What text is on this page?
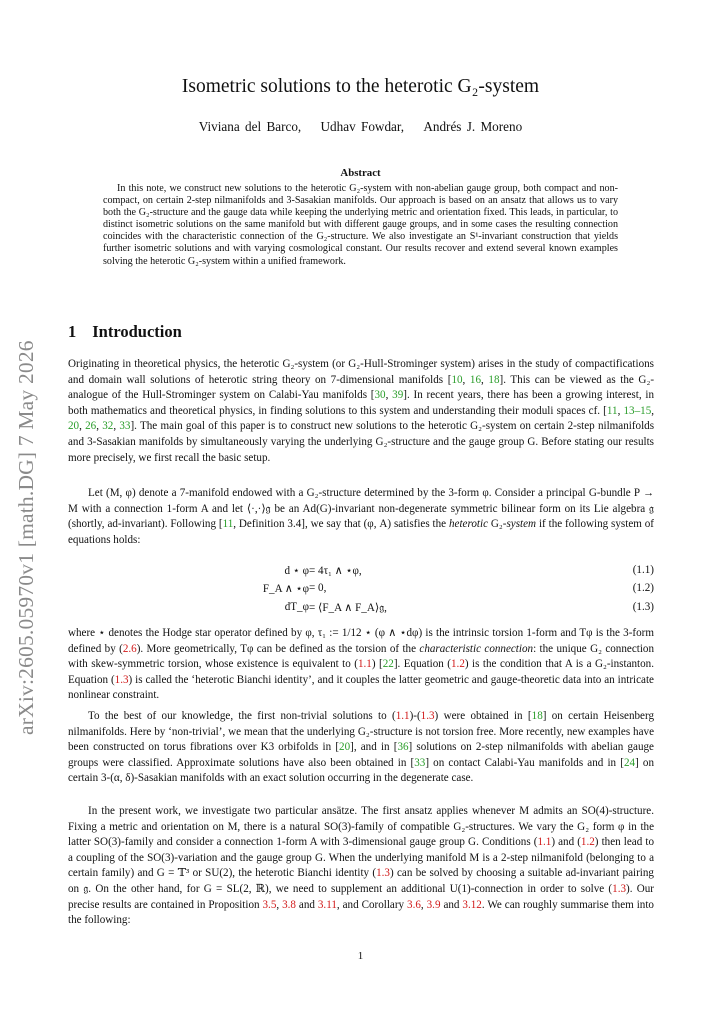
arXiv:2605.05970v1 [math.DG] 7 May 2026
Isometric solutions to the heterotic G₂-system
Viviana del Barco, Udhav Fowdar, Andrés J. Moreno
Abstract
In this note, we construct new solutions to the heterotic G₂-system with non-abelian gauge group, both compact and non-compact, on certain 2-step nilmanifolds and 3-Sasakian manifolds. Our approach is based on an ansatz that allows us to vary both the G₂-structure and the gauge data while keeping the underlying metric and orientation fixed. This leads, in particular, to distinct isometric solutions on the same manifold but with different gauge groups, and in some cases the resulting connection coincides with the characteristic connection of the G₂-structure. We also investigate an S¹-invariant construction that yields further isometric solutions and with varying cosmological constant. Our results recover and extend several known examples solving the heterotic G₂-system within a unified framework.
1 Introduction

Originating in theoretical physics, the heterotic G₂-system (or G₂-Hull-Strominger system) arises in the study of compactifications and domain wall solutions of heterotic string theory on 7-dimensional manifolds [10, 16, 18]. This can be viewed as the G₂-analogue of the Hull-Strominger system on Calabi-Yau manifolds [30, 39]. In recent years, there has been a growing interest, in both mathematics and theoretical physics, in finding solutions to this system and understanding their moduli spaces cf. [11, 13–15, 20, 26, 32, 33]. The main goal of this paper is to construct new solutions to the heterotic G₂-system on certain 2-step nilmanifolds and 3-Sasakian manifolds by simultaneously varying the underlying G₂-structure and the gauge group G. Before stating our results more precisely, we first recall the basic setup.

Let (M, φ) denote a 7-manifold endowed with a G₂-structure determined by the 3-form φ. Consider a principal G-bundle P → M with a connection 1-form A and let ⟨·,·⟩𝔤 be an Ad(G)-invariant non-degenerate symmetric bilinear form on its Lie algebra 𝔤 (shortly, ad-invariant). Following [11, Definition 3.4], we say that (φ, A) satisfies the heterotic G₂-system if the following system of equations holds:

d ⋆ φ = 4τ₁ ∧ ⋆φ,	(1.1)
F_A ∧ ⋆φ = 0,	(1.2)
dT_φ = ⟨F_A ∧ F_A⟩𝔤,	(1.3)

where ⋆ denotes the Hodge star operator defined by φ, τ₁ := 1/12 ⋆ (φ ∧ ⋆dφ) is the intrinsic torsion 1-form and Tφ is the 3-form defined by (2.6). More geometrically, Tφ can be defined as the torsion of the characteristic connection: the unique G₂ connection with skew-symmetric torsion, whose existence is equivalent to (1.1) [22]. Equation (1.2) is the condition that A is a G₂-instanton. Equation (1.3) is called the ‘heterotic Bianchi identity’, and it couples the latter geometric and gauge-theoretic data into an intricate nonlinear constraint.

To the best of our knowledge, the first non-trivial solutions to (1.1)-(1.3) were obtained in [18] on certain Heisenberg nilmanifolds. Here by ‘non-trivial’, we mean that the underlying G₂-structure is not torsion free. More recently, new examples have been constructed on torus fibrations over K3 orbifolds in [20], and in [36] solutions on 2-step nilmanifolds with abelian gauge groups were classified. Approximate solutions have also been obtained in [33] on contact Calabi-Yau manifolds and in [24] on certain 3-(α, δ)-Sasakian manifolds with an exact solution occurring in the degenerate case.

In the present work, we investigate two particular ansätze. The first ansatz applies whenever M admits an SO(4)-structure. Fixing a metric and orientation on M, there is a natural SO(3)-family of compatible G₂-structures. We vary the G₂ form φ in the latter SO(3)-family and consider a connection 1-form A with 3-dimensional gauge group G. Conditions (1.1) and (1.2) then lead to a coupling of the SO(3)-variation and the gauge group G. When the underlying manifold M is a 2-step nilmanifold (belonging to a certain family) and G = 𝕋³ or SU(2), the heterotic Bianchi identity (1.3) can be solved by choosing a suitable ad-invariant pairing on 𝔤. On the other hand, for G = SL(2, ℝ), we need to supplement an additional U(1)-connection in order to solve (1.3). Our precise results are contained in Proposition 3.5, 3.8 and 3.11, and Corollary 3.6, 3.9 and 3.12. We can roughly summarise them into the following:

1
